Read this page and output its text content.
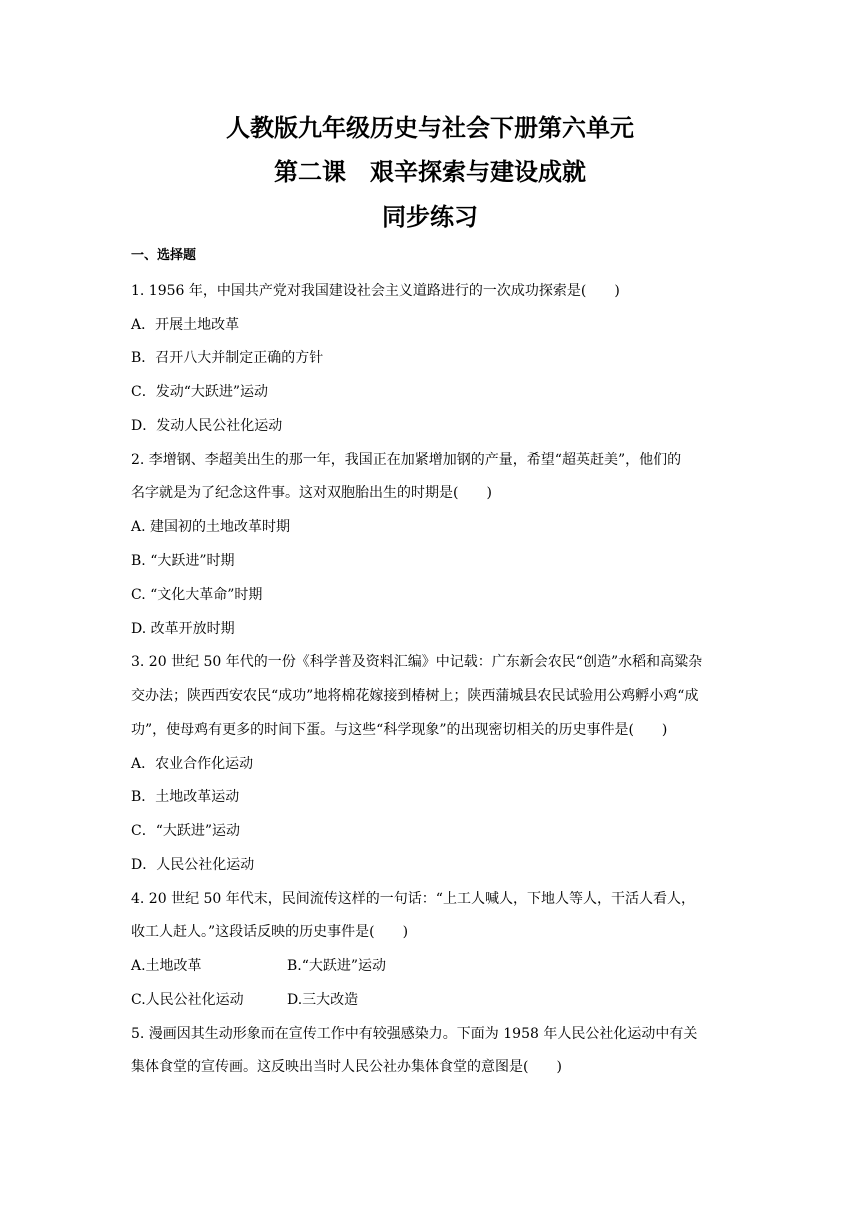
人教版九年级历史与社会下册第六单元
第二课　艰辛探索与建设成就
同步练习
一、选择题
1. 1956 年，中国共产党对我国建设社会主义道路进行的一次成功探索是(　　)
A．开展土地改革
B．召开八大并制定正确的方针
C．发动“大跃进”运动
D．发动人民公社化运动
2. 李增钢、李超美出生的那一年，我国正在加紧增加钢的产量，希望“超英赶美”，他们的
名字就是为了纪念这件事。这对双胞胎出生的时期是(　　)
A. 建国初的土地改革时期
B. “大跃进”时期
C. “文化大革命”时期
D. 改革开放时期
3. 20 世纪 50 年代的一份《科学普及资料汇编》中记载：广东新会农民“创造”水稻和高粱杂
交办法；陕西西安农民“成功”地将棉花嫁接到椿树上；陕西蒲城县农民试验用公鸡孵小鸡“成
功”，使母鸡有更多的时间下蛋。与这些“科学现象”的出现密切相关的历史事件是(　　)
A．农业合作化运动
B．土地改革运动
C．“大跃进”运动
D．人民公社化运动
4. 20 世纪 50 年代末，民间流传这样的一句话：“上工人喊人，下地人等人，干活人看人，
收工人赶人。”这段话反映的历史事件是(　　)
A.土地改革	B.“大跃进”运动
C.人民公社化运动	D.三大改造
5. 漫画因其生动形象而在宣传工作中有较强感染力。下面为 1958 年人民公社化运动中有关
集体食堂的宣传画。这反映出当时人民公社办集体食堂的意图是(　　)
